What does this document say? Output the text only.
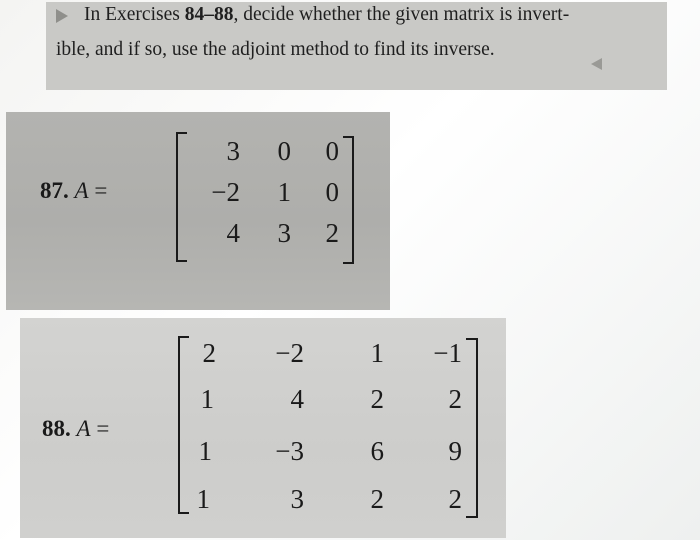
In Exercises 84–88, decide whether the given matrix is invert-
ible, and if so, use the adjoint method to find its inverse.
87. A =
3	0	0
−2	1	0
4	3	2
88. A =
2	−2	1	−1
1	4	2	2
1	−3	6	9
1	3	2	2
